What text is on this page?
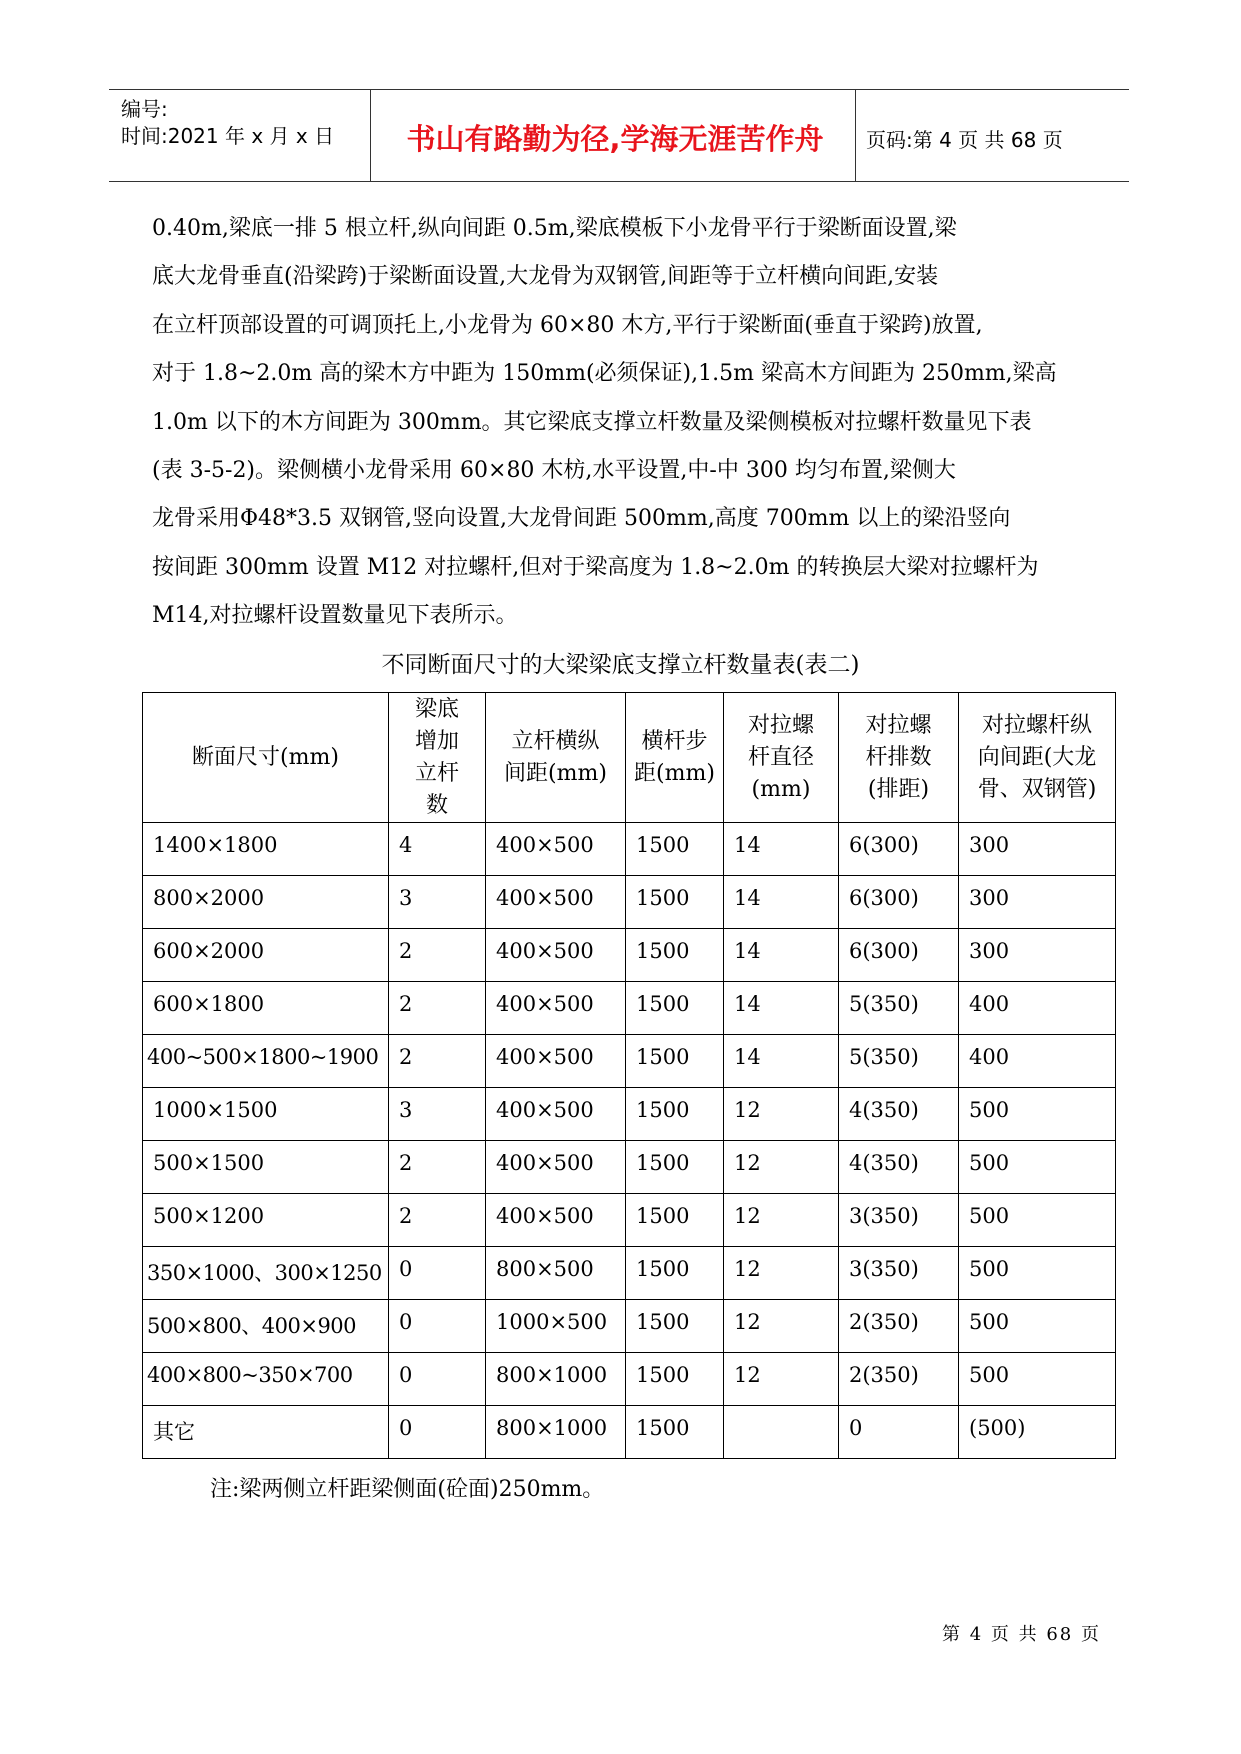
编号:
时间:2021 年 x 月 x 日	书山有路勤为径,学海无涯苦作舟	页码:第 4 页 共 68 页
0.40m,梁底一排 5 根立杆,纵向间距 0.5m,梁底模板下小龙骨平行于梁断面设置,梁
底大龙骨垂直(沿梁跨)于梁断面设置,大龙骨为双钢管,间距等于立杆横向间距,安装
在立杆顶部设置的可调顶托上,小龙骨为 60×80 木方,平行于梁断面(垂直于梁跨)放置,
对于 1.8~2.0m 高的梁木方中距为 150mm(必须保证),1.5m 梁高木方间距为 250mm,梁高
1.0m 以下的木方间距为 300mm。其它梁底支撑立杆数量及梁侧模板对拉螺杆数量见下表
(表 3-5-2)。梁侧横小龙骨采用 60×80 木枋,水平设置,中-中 300 均匀布置,梁侧大
龙骨采用Φ48*3.5 双钢管,竖向设置,大龙骨间距 500mm,高度 700mm 以上的梁沿竖向
按间距 300mm 设置 M12 对拉螺杆,但对于梁高度为 1.8~2.0m 的转换层大梁对拉螺杆为
M14,对拉螺杆设置数量见下表所示。
不同断面尺寸的大梁梁底支撑立杆数量表(表二)
断面尺寸(mm)	梁底
增加
立杆
数	立杆横纵
间距(mm)	横杆步
距(mm)	对拉螺
杆直径
(mm)	对拉螺
杆排数
(排距)	对拉螺杆纵
向间距(大龙
骨、双钢管)
1400×1800	4	400×500	1500	14	6(300)	300
800×2000	3	400×500	1500	14	6(300)	300
600×2000	2	400×500	1500	14	6(300)	300
600×1800	2	400×500	1500	14	5(350)	400
400~500×1800~1900	2	400×500	1500	14	5(350)	400
1000×1500	3	400×500	1500	12	4(350)	500
500×1500	2	400×500	1500	12	4(350)	500
500×1200	2	400×500	1500	12	3(350)	500
350×1000、300×1250	0	800×500	1500	12	3(350)	500
500×800、400×900	0	1000×500	1500	12	2(350)	500
400×800~350×700	0	800×1000	1500	12	2(350)	500
其它	0	800×1000	1500		0	(500)
注:梁两侧立杆距梁侧面(砼面)250mm。
第 4 页 共 68 页
